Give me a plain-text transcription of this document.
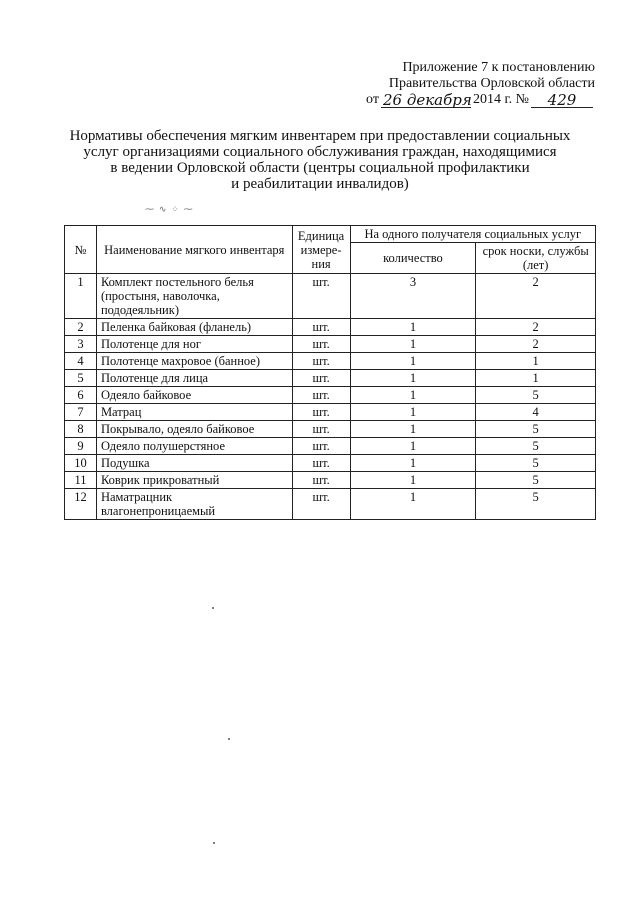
Приложение 7 к постановлению
Правительства Орловской области
от 26 декабря 2014 г. №	429
Нормативы обеспечения мягким инвентарем при предоставлении социальных
услуг организациями социального обслуживания граждан, находящимися
в ведении Орловской области (центры социальной профилактики
и реабилитации инвалидов)
⁓ ∿ ⁘ ⁓
№	Наименование мягкого инвентаря	Единица измере-ния	На одного получателя социальных услуг	
			количество	срок носки, службы (лет)
1	Комплект постельного белья (простыня, наволочка, пододеяльник)	шт.	3	2
2	Пеленка байковая (фланель)	шт.	1	2
3	Полотенце для ног	шт.	1	2
4	Полотенце махровое (банное)	шт.	1	1
5	Полотенце для лица	шт.	1	1
6	Одеяло байковое	шт.	1	5
7	Матрац	шт.	1	4
8	Покрывало, одеяло байковое	шт.	1	5
9	Одеяло полушерстяное	шт.	1	5
10	Подушка	шт.	1	5
11	Коврик прикроватный	шт.	1	5
12	Наматрацник влагонепроницаемый	шт.	1	5
